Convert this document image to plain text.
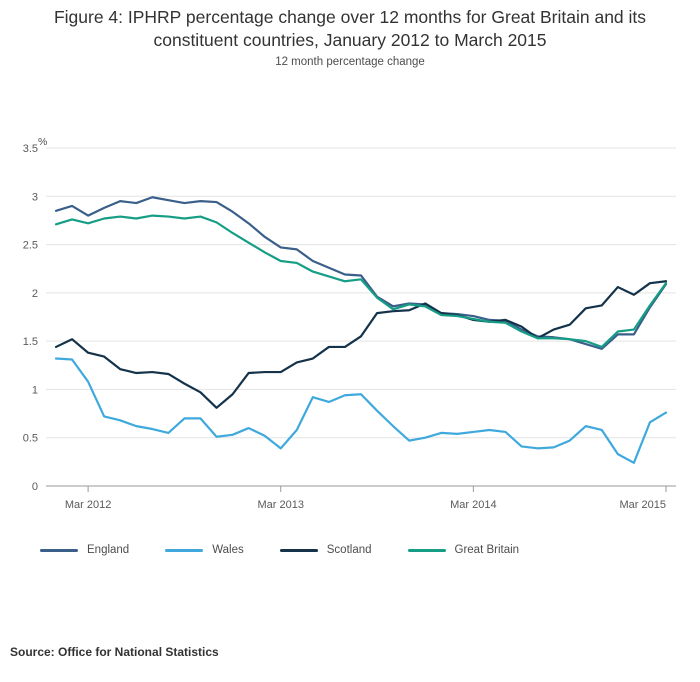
Figure 4: IPHRP percentage change over 12 months for Great Britain and its constituent countries, January 2012 to March 2015
12 month percentage change
%
0
0.5
1
1.5
2
2.5
3
3.5
Mar 2012	Mar 2013	Mar 2014	Mar 2015
England	Wales	Scotland	Great Britain
Source: Office for National Statistics
